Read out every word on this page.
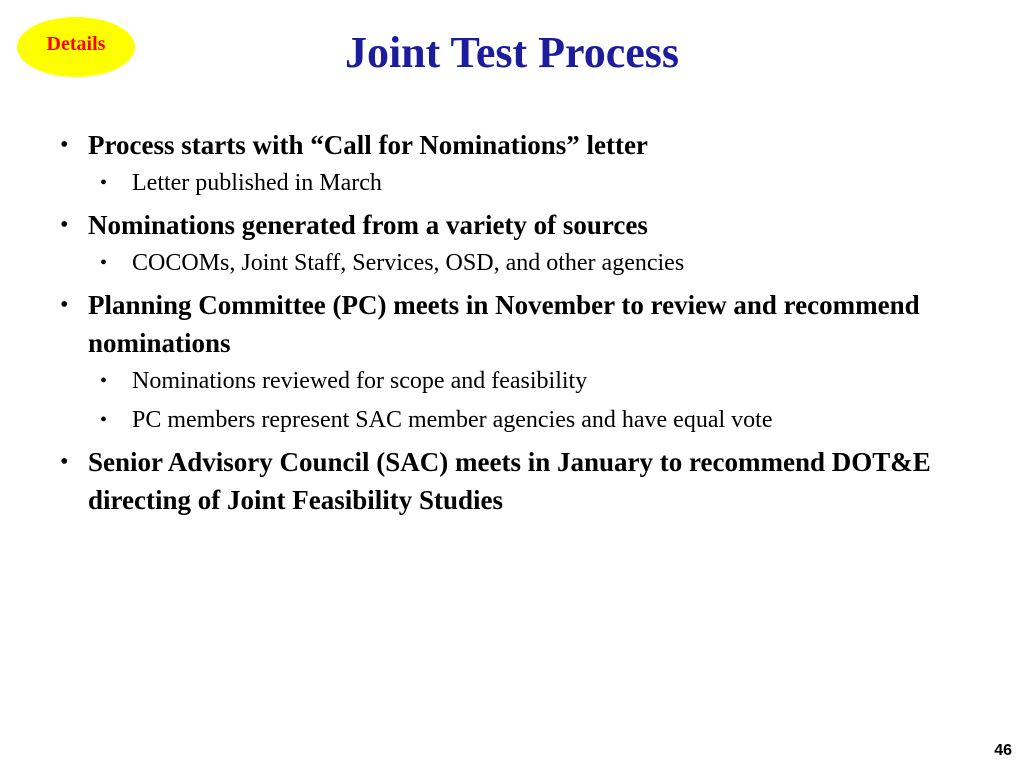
Details	Joint Test Process
• Process starts with “Call for Nominations” letter
• Letter published in March
• Nominations generated from a variety of sources
• COCOMs, Joint Staff, Services, OSD, and other agencies
• Planning Committee (PC) meets in November to review and recommend nominations
• Nominations reviewed for scope and feasibility
• PC members represent SAC member agencies and have equal vote
• Senior Advisory Council (SAC) meets in January to recommend DOT&E directing of Joint Feasibility Studies
46
